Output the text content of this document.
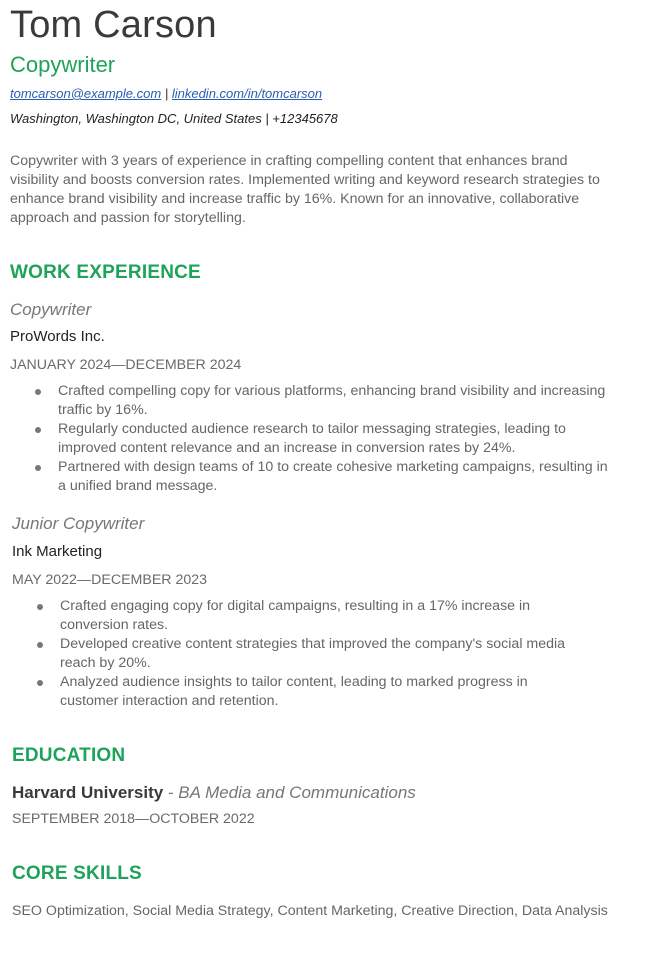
Tom Carson
Copywriter
tomcarson@example.com | linkedin.com/in/tomcarson
Washington, Washington DC, United States | +12345678
Copywriter with 3 years of experience in crafting compelling content that enhances brand visibility and boosts conversion rates. Implemented writing and keyword research strategies to enhance brand visibility and increase traffic by 16%. Known for an innovative, collaborative approach and passion for storytelling.
WORK EXPERIENCE
Copywriter
ProWords Inc.
JANUARY 2024—DECEMBER 2024
Crafted compelling copy for various platforms, enhancing brand visibility and increasing traffic by 16%.
Regularly conducted audience research to tailor messaging strategies, leading to improved content relevance and an increase in conversion rates by 24%.
Partnered with design teams of 10 to create cohesive marketing campaigns, resulting in a unified brand message.
Junior Copywriter
Ink Marketing
MAY 2022—DECEMBER 2023
Crafted engaging copy for digital campaigns, resulting in a 17% increase in conversion rates.
Developed creative content strategies that improved the company's social media reach by 20%.
Analyzed audience insights to tailor content, leading to marked progress in customer interaction and retention.
EDUCATION
Harvard University - BA Media and Communications
SEPTEMBER 2018—OCTOBER 2022
CORE SKILLS
SEO Optimization, Social Media Strategy, Content Marketing, Creative Direction, Data Analysis
